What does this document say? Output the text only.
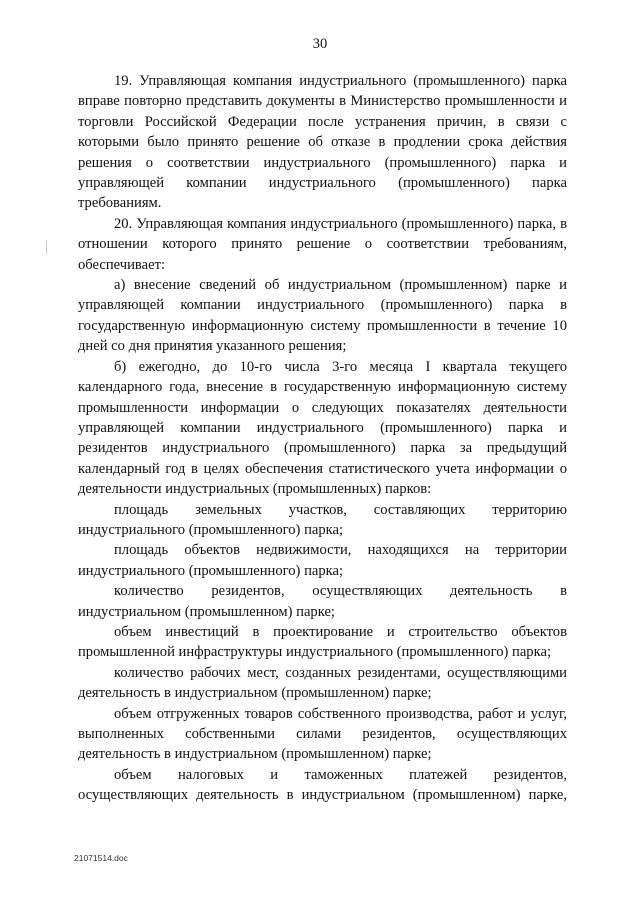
30

19. Управляющая компания индустриального (промышленного) парка вправе повторно представить документы в Министерство промышленности и торговли Российской Федерации после устранения причин, в связи с которыми было принято решение об отказе в продлении срока действия решения о соответствии индустриального (промышленного) парка и управляющей компании индустриального (промышленного) парка требованиям.

20. Управляющая компания индустриального (промышленного) парка, в отношении которого принято решение о соответствии требованиям, обеспечивает:

а) внесение сведений об индустриальном (промышленном) парке и управляющей компании индустриального (промышленного) парка в государственную информационную систему промышленности в течение 10 дней со дня принятия указанного решения;

б) ежегодно, до 10-го числа 3-го месяца I квартала текущего календарного года, внесение в государственную информационную систему промышленности информации о следующих показателях деятельности управляющей компании индустриального (промышленного) парка и резидентов индустриального (промышленного) парка за предыдущий календарный год в целях обеспечения статистического учета информации о деятельности индустриальных (промышленных) парков:

площадь земельных участков, составляющих территорию индустриального (промышленного) парка;

площадь объектов недвижимости, находящихся на территории индустриального (промышленного) парка;

количество резидентов, осуществляющих деятельность в индустриальном (промышленном) парке;

объем инвестиций в проектирование и строительство объектов промышленной инфраструктуры индустриального (промышленного) парка;

количество рабочих мест, созданных резидентами, осуществляющими деятельность в индустриальном (промышленном) парке;

объем отгруженных товаров собственного производства, работ и услуг, выполненных собственными силами резидентов, осуществляющих деятельность в индустриальном (промышленном) парке;

объем налоговых и таможенных платежей резидентов, осуществляющих деятельность в индустриальном (промышленном) парке,

21071514.doc
